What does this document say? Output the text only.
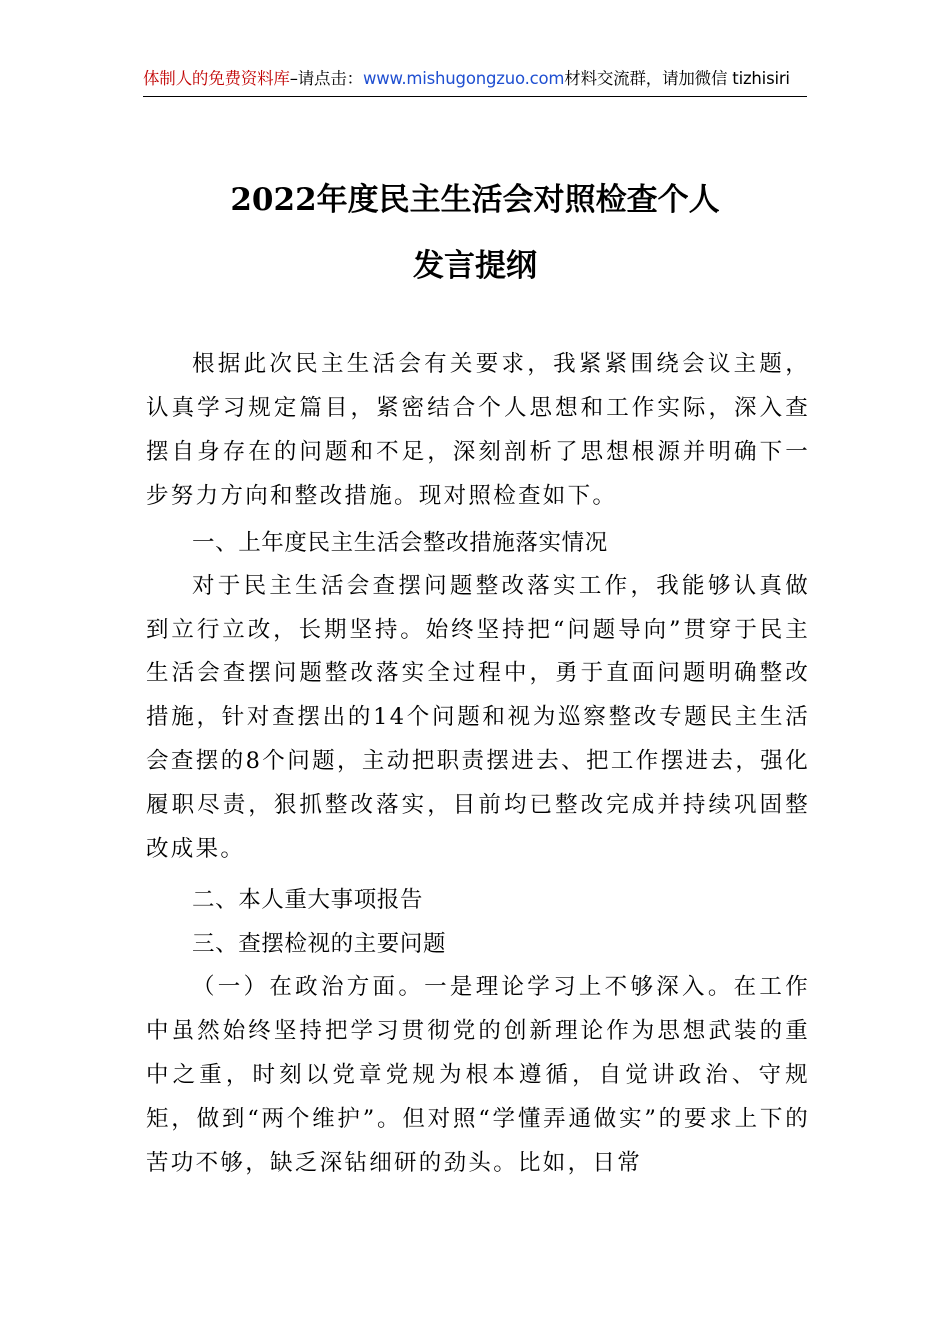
体制人的免费资料库–请点击：www.mishugongzuo.com材料交流群，请加微信 tizhisiri
2022年度民主生活会对照检查个人
发言提纲

根据此次民主生活会有关要求，我紧紧围绕会议主题，认真学习规定篇目，紧密结合个人思想和工作实际，深入查摆自身存在的问题和不足，深刻剖析了思想根源并明确下一步努力方向和整改措施。现对照检查如下。

一、上年度民主生活会整改措施落实情况

对于民主生活会查摆问题整改落实工作，我能够认真做到立行立改，长期坚持。始终坚持把“问题导向”贯穿于民主生活会查摆问题整改落实全过程中，勇于直面问题明确整改措施，针对查摆出的14个问题和视为巡察整改专题民主生活会查摆的8个问题，主动把职责摆进去、把工作摆进去，强化履职尽责，狠抓整改落实，目前均已整改完成并持续巩固整改成果。

二、本人重大事项报告

三、查摆检视的主要问题

（一）在政治方面。一是理论学习上不够深入。在工作中虽然始终坚持把学习贯彻党的创新理论作为思想武装的重中之重，时刻以党章党规为根本遵循，自觉讲政治、守规矩，做到“两个维护”。但对照“学懂弄通做实”的要求上下的苦功不够，缺乏深钻细研的劲头。比如，日常
